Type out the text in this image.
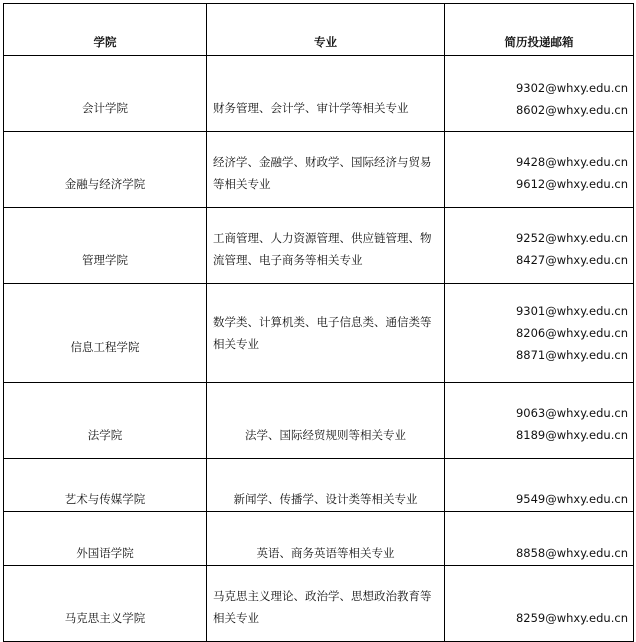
学院	专业	简历投递邮箱
会计学院	财务管理、会计学、审计学等相关专业	9302@whxy.edu.cn
8602@whxy.edu.cn

金融与经济学院	经济学、金融学、财政学、国际经济与贸易等相关专业	9428@whxy.edu.cn
9612@whxy.edu.cn

管理学院	工商管理、人力资源管理、供应链管理、物流管理、电子商务等相关专业	9252@whxy.edu.cn
8427@whxy.edu.cn

信息工程学院	数学类、计算机类、电子信息类、通信类等相关专业	9301@whxy.edu.cn
8206@whxy.edu.cn
8871@whxy.edu.cn

法学院	法学、国际经贸规则等相关专业	9063@whxy.edu.cn
8189@whxy.edu.cn

艺术与传媒学院	新闻学、传播学、设计类等相关专业	9549@whxy.edu.cn

外国语学院	英语、商务英语等相关专业	8858@whxy.edu.cn

马克思主义学院	马克思主义理论、政治学、思想政治教育等相关专业	8259@whxy.edu.cn
